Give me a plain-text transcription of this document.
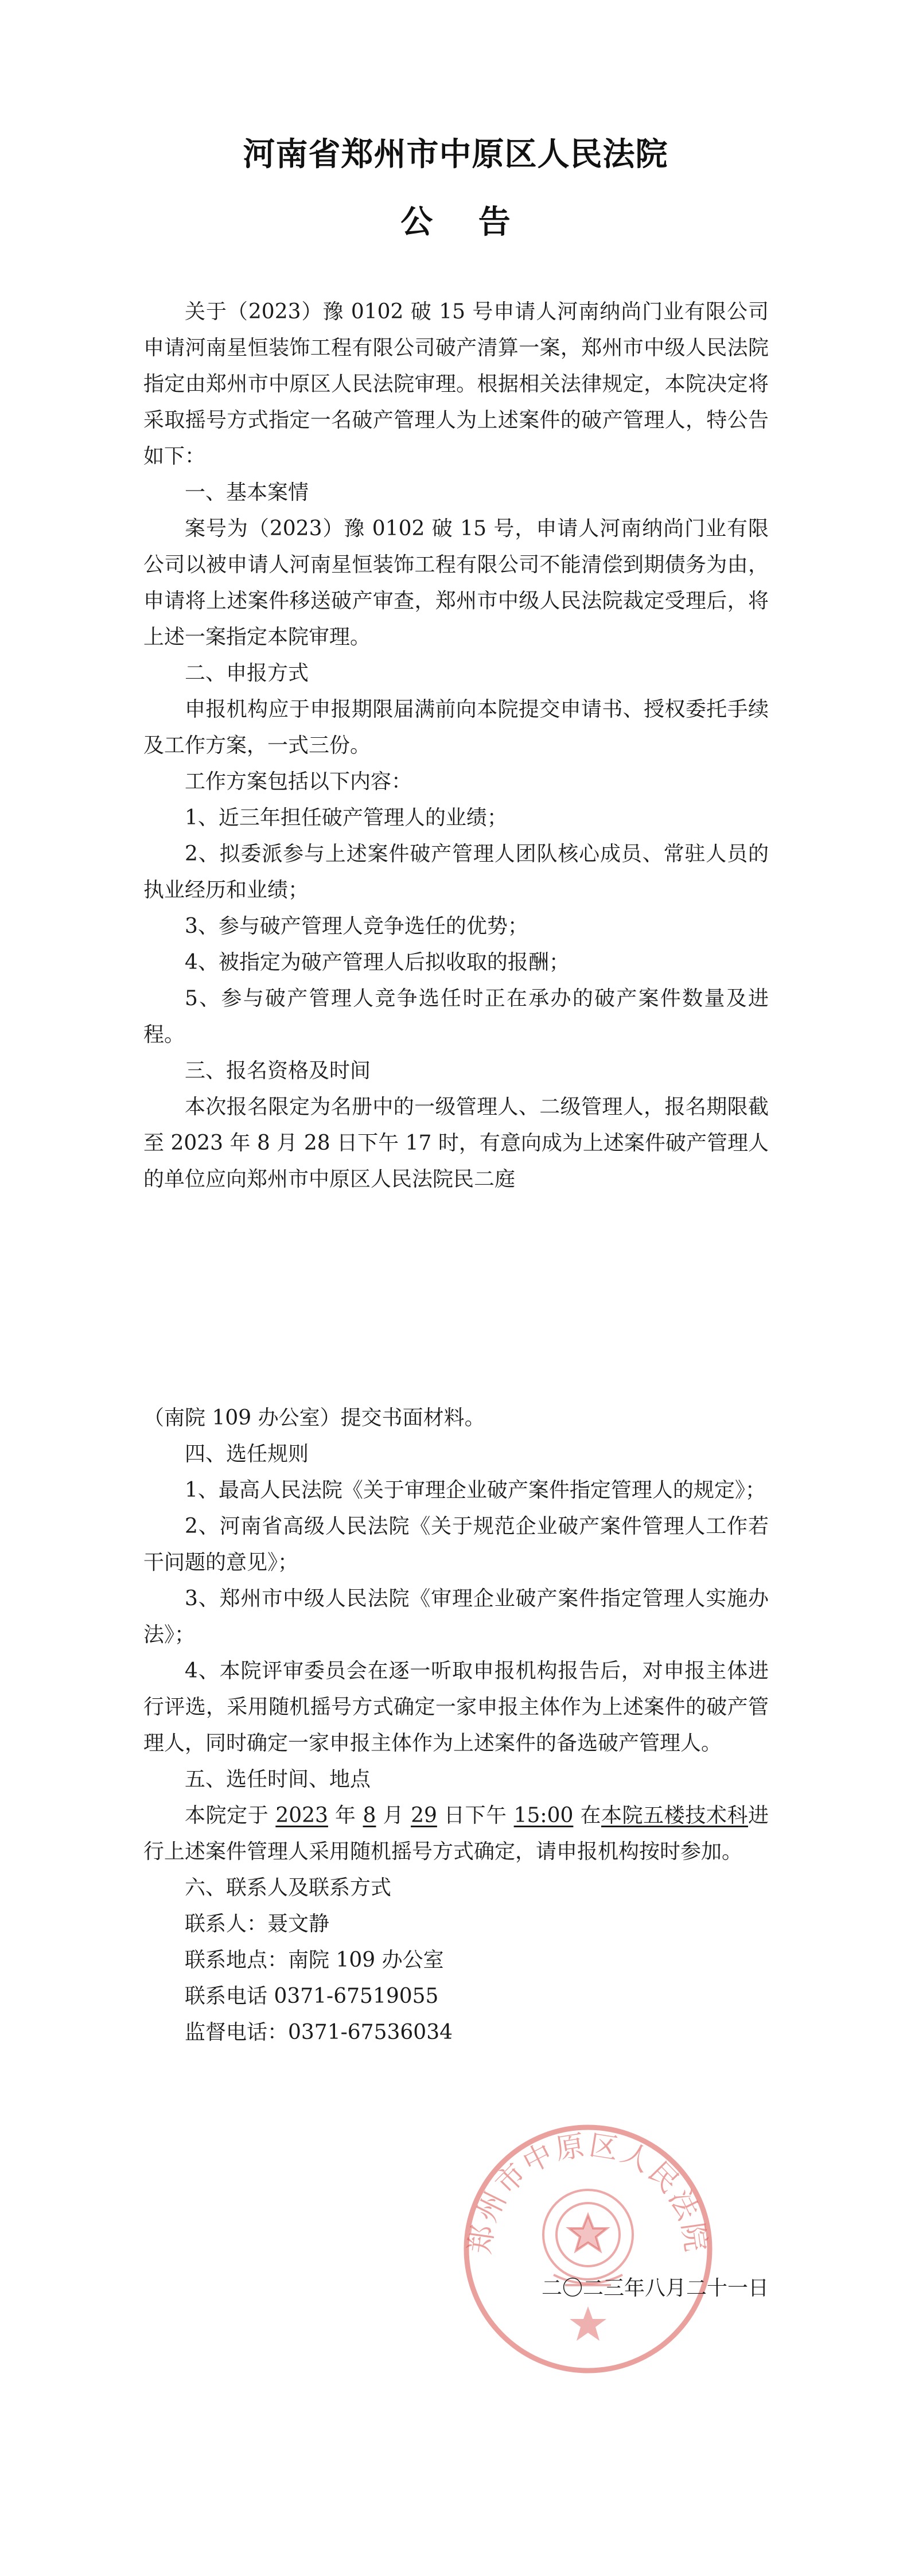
河南省郑州市中原区人民法院
公 告

关于（2023）豫 0102 破 15 号申请人河南纳尚门业有限公司申请河南星恒装饰工程有限公司破产清算一案，郑州市中级人民法院指定由郑州市中原区人民法院审理。根据相关法律规定，本院决定将采取摇号方式指定一名破产管理人为上述案件的破产管理人，特公告如下：

一、基本案情

案号为（2023）豫 0102 破 15 号，申请人河南纳尚门业有限公司以被申请人河南星恒装饰工程有限公司不能清偿到期债务为由，申请将上述案件移送破产审查，郑州市中级人民法院裁定受理后，将上述一案指定本院审理。

二、申报方式

申报机构应于申报期限届满前向本院提交申请书、授权委托手续及工作方案，一式三份。

工作方案包括以下内容：

1、近三年担任破产管理人的业绩；

2、拟委派参与上述案件破产管理人团队核心成员、常驻人员的执业经历和业绩；

3、参与破产管理人竞争选任的优势；

4、被指定为破产管理人后拟收取的报酬；

5、参与破产管理人竞争选任时正在承办的破产案件数量及进程。

三、报名资格及时间

本次报名限定为名册中的一级管理人、二级管理人，报名期限截至 2023 年 8 月 28 日下午 17 时，有意向成为上述案件破产管理人的单位应向郑州市中原区人民法院民二庭

（南院 109 办公室）提交书面材料。

四、选任规则

1、最高人民法院《关于审理企业破产案件指定管理人的规定》；

2、河南省高级人民法院《关于规范企业破产案件管理人工作若干问题的意见》；

3、郑州市中级人民法院《审理企业破产案件指定管理人实施办法》；

4、本院评审委员会在逐一听取申报机构报告后，对申报主体进行评选，采用随机摇号方式确定一家申报主体作为上述案件的破产管理人，同时确定一家申报主体作为上述案件的备选破产管理人。

五、选任时间、地点

本院定于 2023 年 8 月 29 日下午 15:00 在本院五楼技术科进行上述案件管理人采用随机摇号方式确定，请申报机构按时参加。

六、联系人及联系方式

联系人：聂文静

联系地点：南院 109 办公室

联系电话 0371-67519055

监督电话：0371-67536034

郑州市中原区人民法院
二〇二三年八月二十一日
